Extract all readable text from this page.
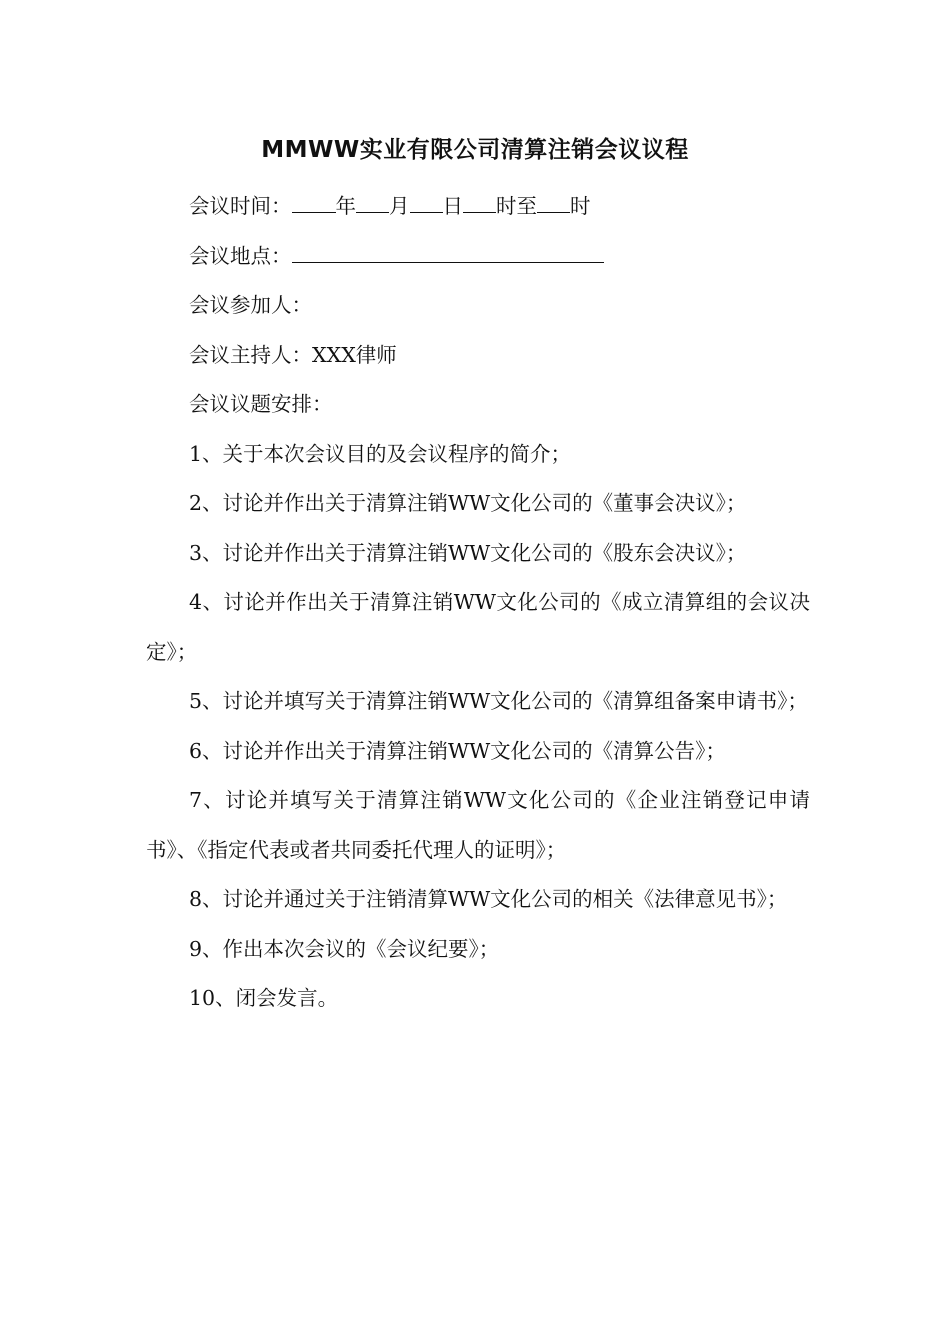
MMWW实业有限公司清算注销会议议程

会议时间： 年 月 日 时至 时

会议地点：

会议参加人：

会议主持人：XXX律师

会议议题安排：

1、关于本次会议目的及会议程序的简介；

2、讨论并作出关于清算注销WW文化公司的《董事会决议》；

3、讨论并作出关于清算注销WW文化公司的《股东会决议》；

4、讨论并作出关于清算注销WW文化公司的《成立清算组的会议决定》；

5、讨论并填写关于清算注销WW文化公司的《清算组备案申请书》；

6、讨论并作出关于清算注销WW文化公司的《清算公告》；

7、讨论并填写关于清算注销WW文化公司的《企业注销登记申请书》、《指定代表或者共同委托代理人的证明》；

8、讨论并通过关于注销清算WW文化公司的相关《法律意见书》；

9、作出本次会议的《会议纪要》；

10、闭会发言。
